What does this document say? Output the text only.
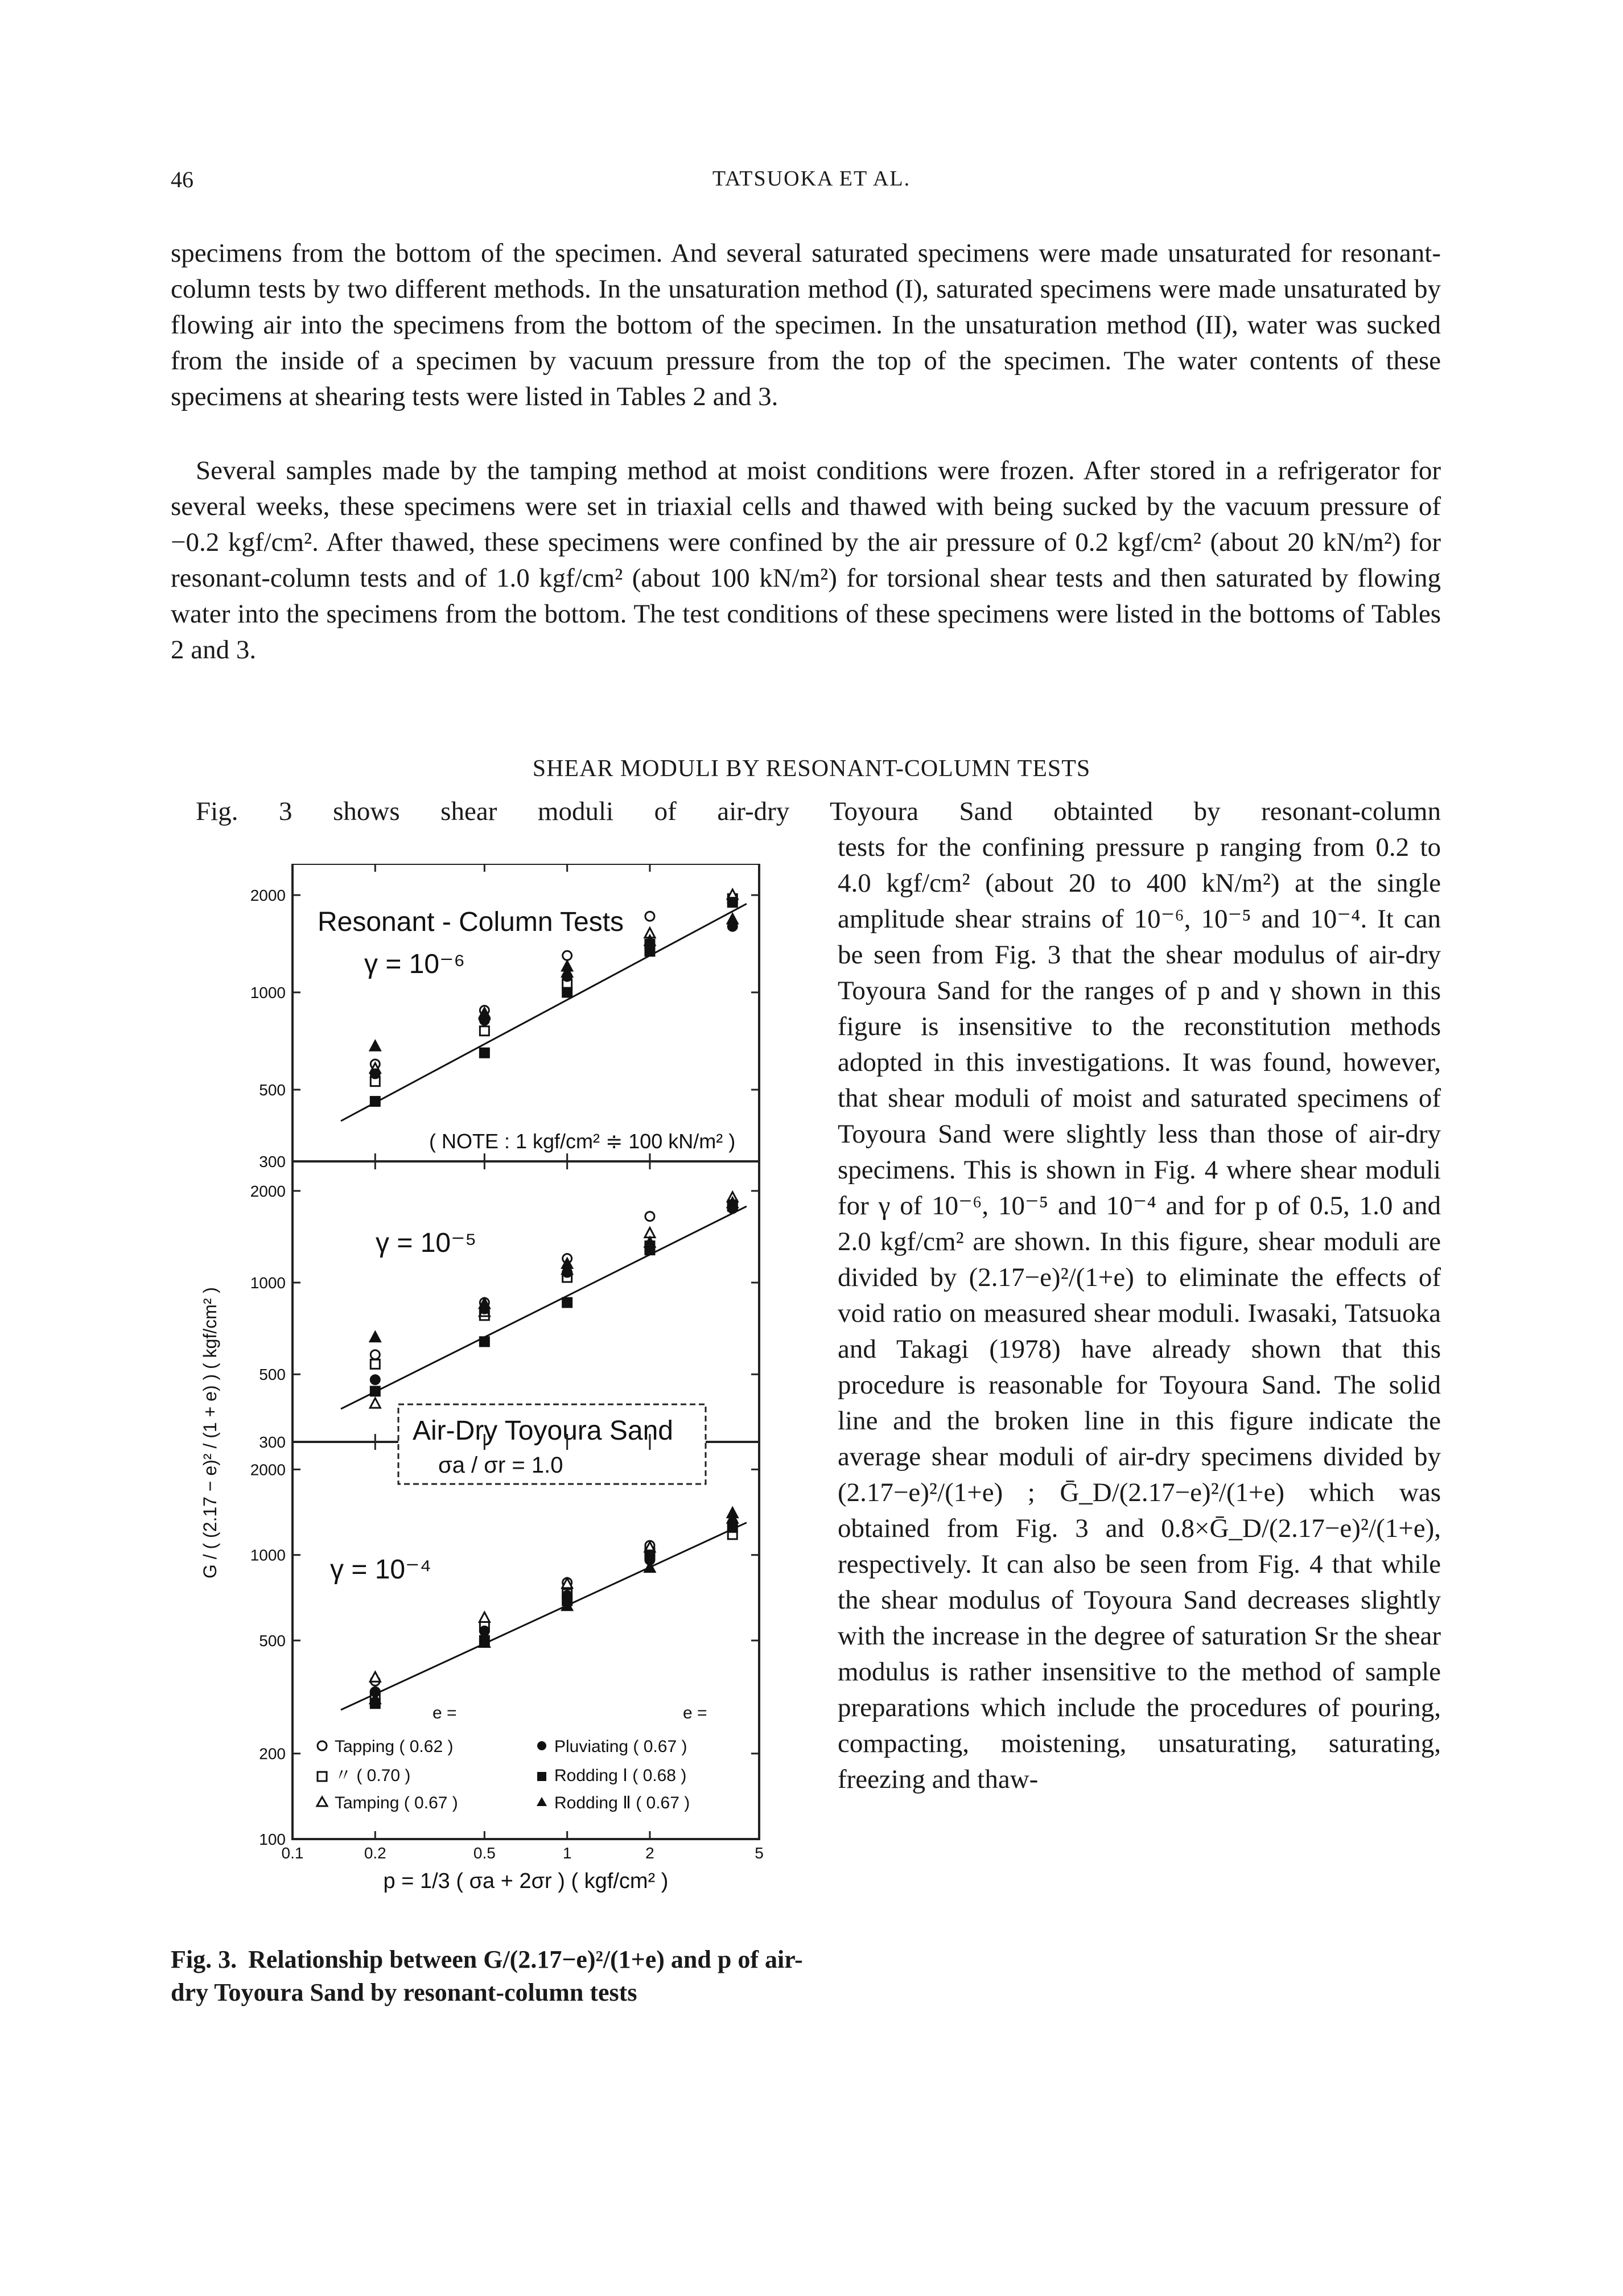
46	TATSUOKA ET AL.

specimens from the bottom of the specimen. And several saturated specimens were made unsaturated for resonant-column tests by two different methods. In the unsaturation method (I), saturated specimens were made unsaturated by flowing air into the specimens from the bottom of the specimen. In the unsaturation method (II), water was sucked from the inside of a specimen by vacuum pressure from the top of the specimen. The water contents of these specimens at shearing tests were listed in Tables 2 and 3.

Several samples made by the tamping method at moist conditions were frozen. After stored in a refrigerator for several weeks, these specimens were set in triaxial cells and thawed with being sucked by the vacuum pressure of −0.2 kgf/cm². After thawed, these specimens were confined by the air pressure of 0.2 kgf/cm² (about 20 kN/m²) for resonant-column tests and of 1.0 kgf/cm² (about 100 kN/m²) for torsional shear tests and then saturated by flowing water into the specimens from the bottom. The test conditions of these specimens were listed in the bottoms of Tables 2 and 3.

SHEAR MODULI BY RESONANT-COLUMN TESTS

Fig. 3 shows shear moduli of air-dry Toyoura Sand obtainted by resonant-column

tests for the confining pressure p ranging from 0.2 to 4.0 kgf/cm² (about 20 to 400 kN/m²) at the single amplitude shear strains of 10⁻⁶, 10⁻⁵ and 10⁻⁴. It can be seen from Fig. 3 that the shear modulus of air-dry Toyoura Sand for the ranges of p and γ shown in this figure is insensitive to the reconstitution methods adopted in this investigations. It was found, however, that shear moduli of moist and saturated specimens of Toyoura Sand were slightly less than those of air-dry specimens. This is shown in Fig. 4 where shear moduli for γ of 10⁻⁶, 10⁻⁵ and 10⁻⁴ and for p of 0.5, 1.0 and 2.0 kgf/cm² are shown. In this figure, shear moduli are divided by (2.17−e)²/(1+e) to eliminate the effects of void ratio on measured shear moduli. Iwasaki, Tatsuoka and Takagi (1978) have already shown that this procedure is reasonable for Toyoura Sand. The solid line and the broken line in this figure indicate the average shear moduli of air-dry specimens divided by (2.17−e)²/(1+e) ; Ḡ_D/(2.17−e)²/(1+e) which was obtained from Fig. 3 and 0.8×Ḡ_D/(2.17−e)²/(1+e), respectively. It can also be seen from Fig. 4 that while the shear modulus of Toyoura Sand decreases slightly with the increase in the degree of saturation Sr the shear modulus is rather insensitive to the method of sample preparations which include the procedures of pouring, compacting, moistening, unsaturating, saturating, freezing and thaw-

G / ( (2.17 − e)² / (1 + e) ) ( kgf/cm² )
Resonant - Column Tests
γ = 10⁻⁶
( NOTE : 1 kgf/cm² ≑ 100 kN/m² )
γ = 10⁻⁵
Air-Dry Toyoura Sand
σa / σr = 1.0
γ = 10⁻⁴
e =	e =
Tapping ( 0.62 )
〃 ( 0.70 )
Tamping ( 0.67 )
Pluviating ( 0.67 )
Rodding Ⅰ ( 0.68 )
Rodding Ⅱ ( 0.67 )
2000
1000
500
300
2000
1000
500
300
2000
1000
500
200
100
0.1	0.2	0.5	1	2	5
p = 1/3 ( σa + 2σr ) ( kgf/cm² )

Fig. 3. Relationship between G/(2.17−e)²/(1+e) and p of air-dry Toyoura Sand by resonant-column tests
